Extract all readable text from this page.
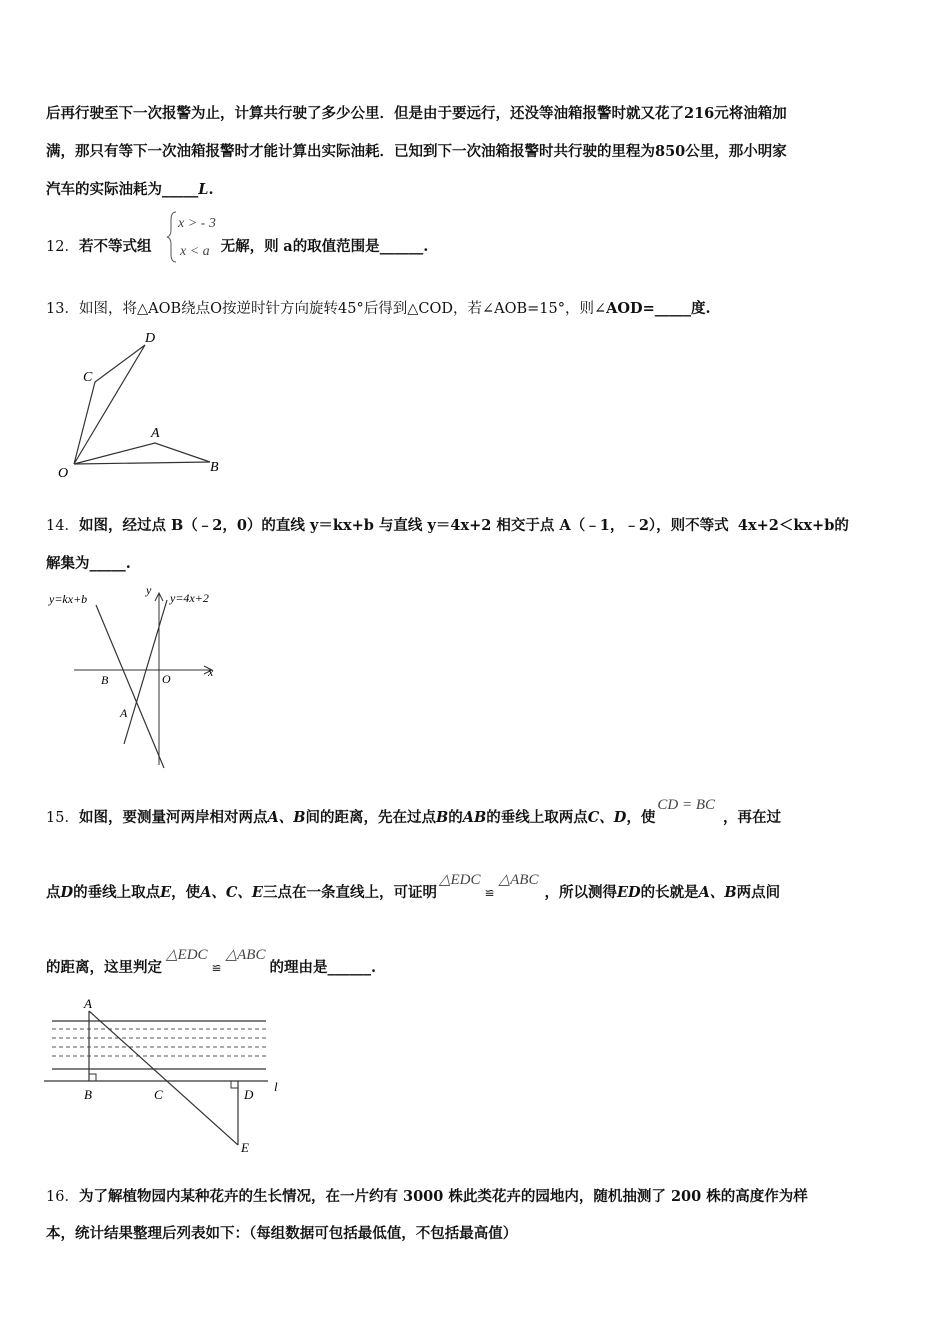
后再行驶至下一次报警为止，计算共行驶了多少公里．但是由于要远行，还没等油箱报警时就又花了216元将油箱加
满，那只有等下一次油箱报警时才能计算出实际油耗．已知到下一次油箱报警时共行驶的里程为850公里，那小明家
汽车的实际油耗为_____L.
12．若不等式组	无解，则 a的取值范围是______.
x > - 3
x < a
13．如图，将△AOB绕点O按逆时针方向旋转45°后得到△COD，若∠AOB=15°，则∠AOD=_____度.
D
C
A
O	B
14．如图，经过点 B（﹣2，0）的直线 y＝kx+b 与直线 y＝4x+2 相交于点 A（﹣1，﹣2），则不等式 4x+2＜kx+b的
解集为_____.
y=kx+b	y=4x+2
y
x
B	O
A
15．如图，要测量河两岸相对两点A、B间的距离，先在过点B的AB的垂线上取两点C、D，使CD = BC，再在过
点D的垂线上取点E，使A、C、E三点在一条直线上，可证明△EDC≌△ABC，所以测得ED的长就是A、B两点间
的距离，这里判定△EDC≌△ABC的理由是______.
A
B	C	D
E
l
16．为了解植物园内某种花卉的生长情况，在一片约有 3000 株此类花卉的园地内，随机抽测了 200 株的高度作为样
本，统计结果整理后列表如下：（每组数据可包括最低值，不包括最高值）
